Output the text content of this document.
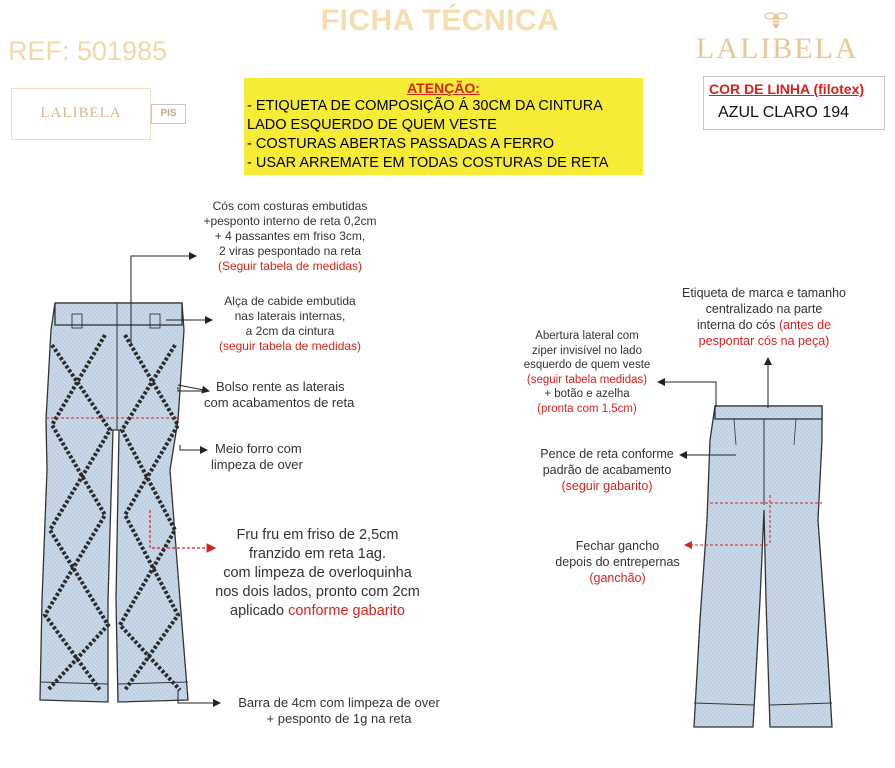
FICHA TÉCNICA
REF: 501985	LALIBELA
LALIBELA	PIS
ATENÇÃO:
- ETIQUETA DE COMPOSIÇÃO Á 30CM DA CINTURA
LADO ESQUERDO DE QUEM VESTE
- COSTURAS ABERTAS PASSADAS A FERRO
- USAR ARREMATE EM TODAS COSTURAS DE RETA
COR DE LINHA (filotex)
AZUL CLARO 194
Cós com costuras embutidas
+pesponto interno de reta 0,2cm
+ 4 passantes em friso 3cm,
2 viras pespontado na reta
(Seguir tabela de medidas)
Alça de cabide embutida
nas laterais internas,
a 2cm da cintura
(seguir tabela de medidas)
Bolso rente as laterais
com acabamentos de reta
Meio forro com
limpeza de over
Fru fru em friso de 2,5cm
franzido em reta 1ag.
com limpeza de overloquinha
nos dois lados, pronto com 2cm
aplicado conforme gabarito
Barra de 4cm com limpeza de over
+ pesponto de 1g na reta
Etiqueta de marca e tamanho
centralizado na parte
interna do cós (antes de
pespontar cós na peça)
Abertura lateral com
ziper invisível no lado
esquerdo de quem veste
(seguir tabela medidas)
+ botão e azelha
(pronta com 1,5cm)
Pence de reta conforme
padrão de acabamento
(seguir gabarito)
Fechar gancho
depois do entrepernas
(ganchão)
